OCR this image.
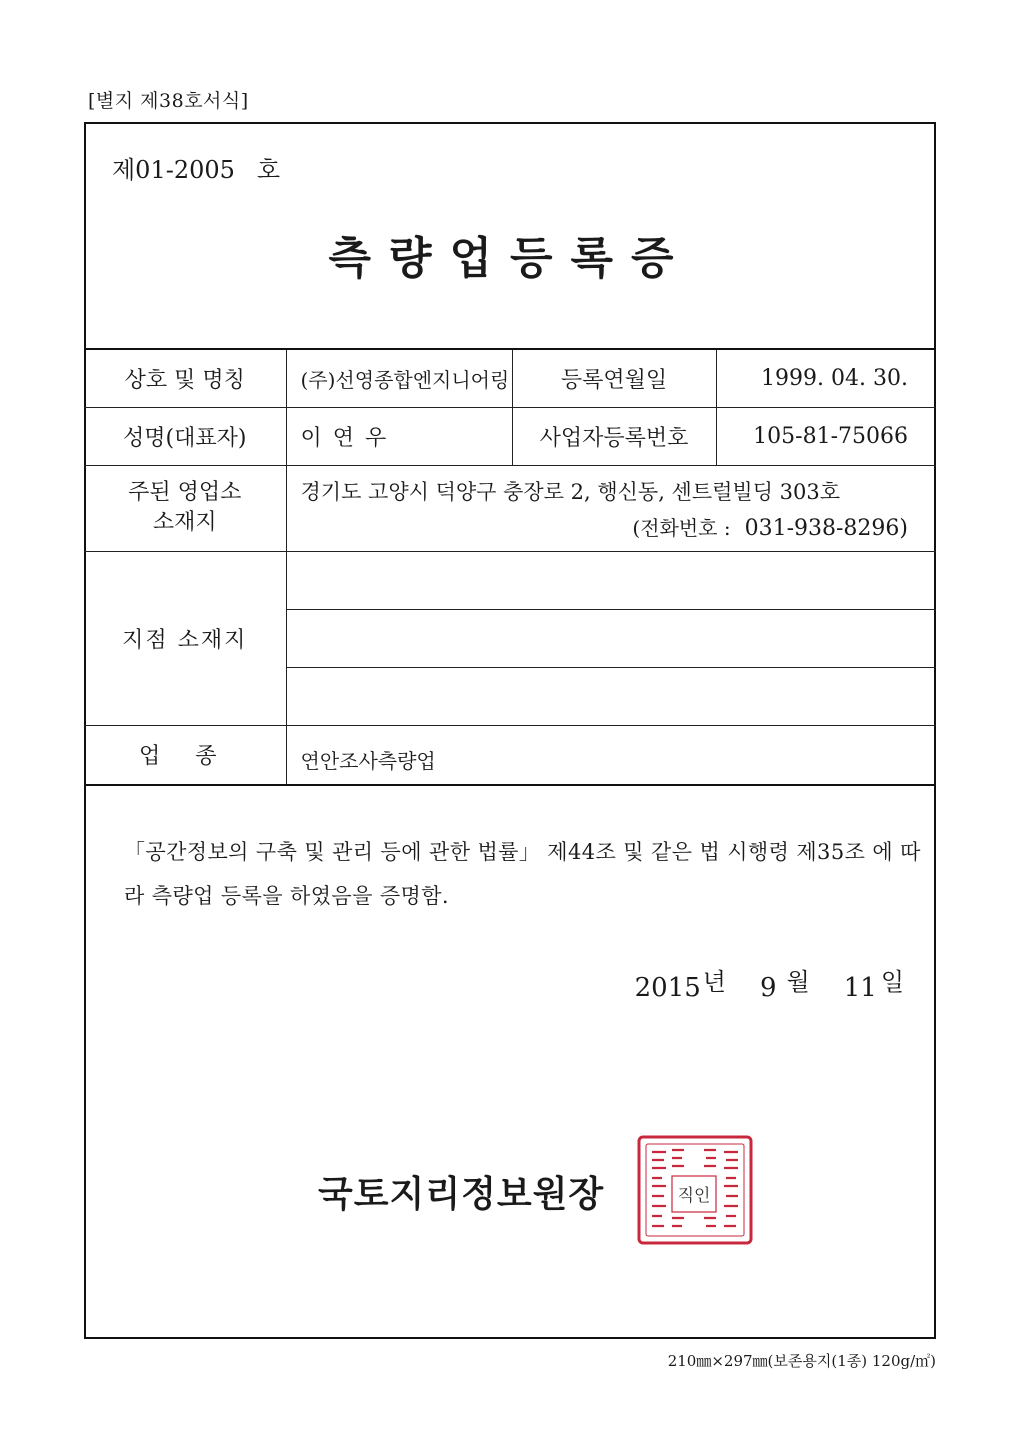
[별지 제38호서식]
제01-2005 호
측량업등록증
상호 및 명칭	(주)선영종합엔지니어링	등록연월일	1999. 04. 30.
성명(대표자)	이 연 우	사업자등록번호	105-81-75066
주된 영업소 소재지	경기도 고양시 덕양구 충장로 2, 행신동, 센트럴빌딩 303호
(전화번호 : 031-938-8296)		

지점 소재지			

업 종	연안조사측량업		
「공간정보의 구축 및 관리 등에 관한 법률」 제44조 및 같은 법 시행령 제35조 에 따라 측량업 등록을 하였음을 증명함.
2015년 9 월 11 일
국토지리정보원장	직인
210㎜×297㎜(보존용지(1종) 120g/㎡)
